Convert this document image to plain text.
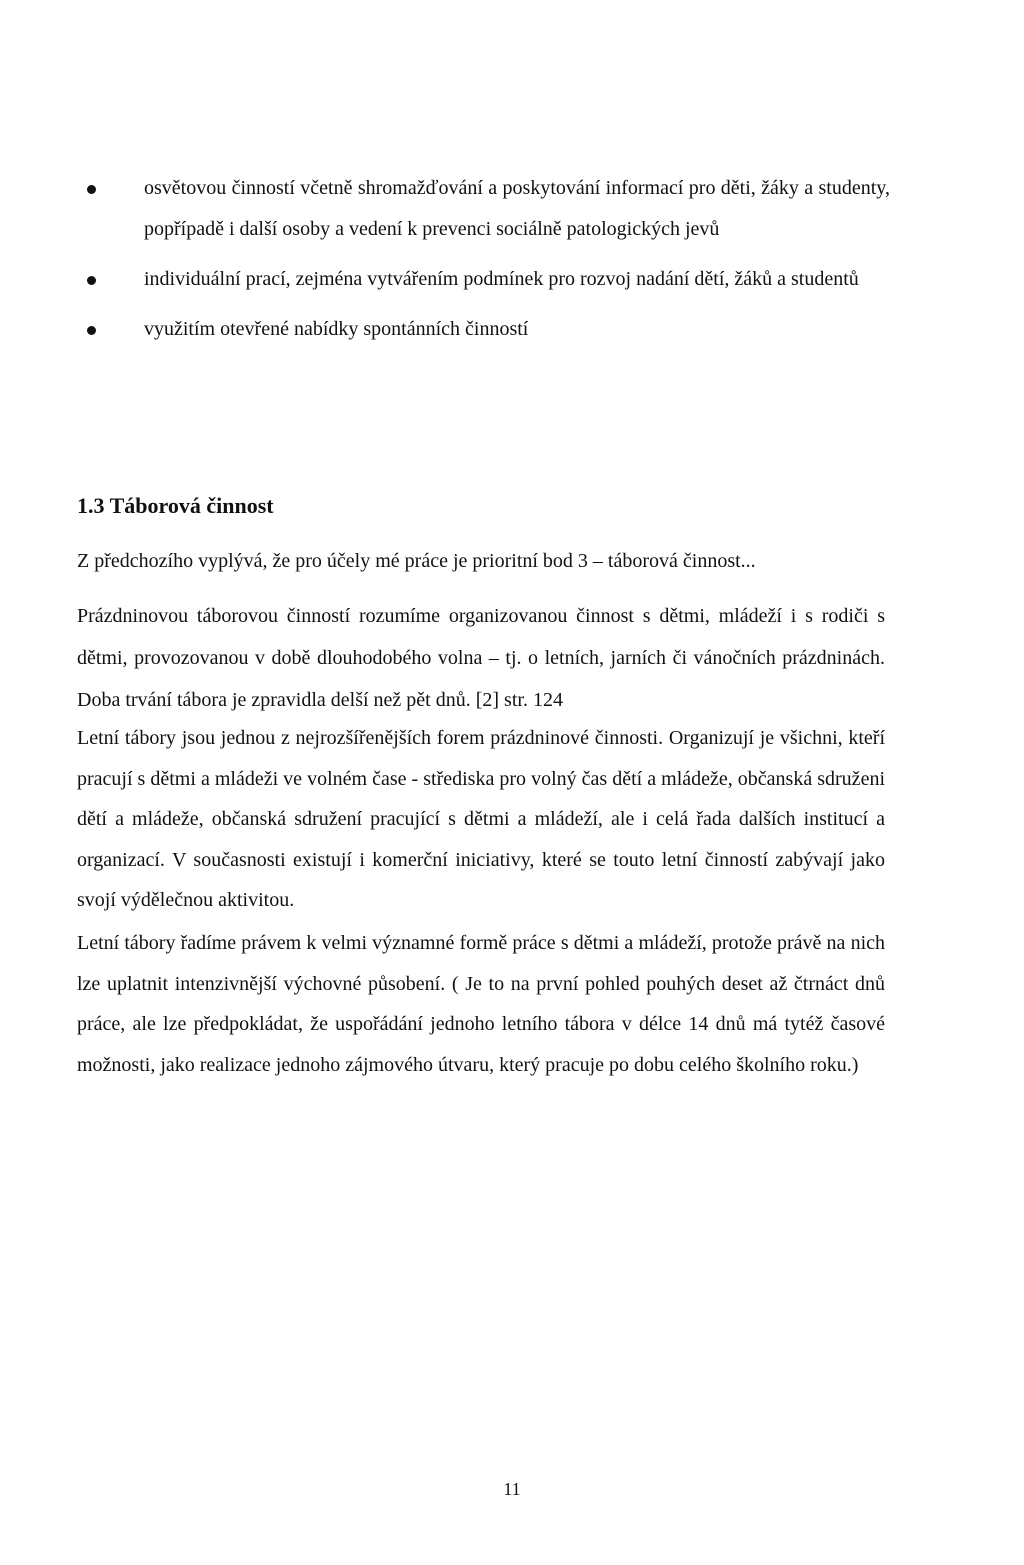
osvětovou činností včetně shromažďování a poskytování informací pro děti, žáky a studenty, popřípadě i další osoby a vedení k prevenci sociálně patologických jevů
individuální prací, zejména vytvářením podmínek pro rozvoj nadání dětí, žáků a studentů
využitím otevřené nabídky spontánních činností
1.3 Táborová činnost

Z předchozího vyplývá, že pro účely mé práce je prioritní bod 3 – táborová činnost...

Prázdninovou táborovou činností rozumíme organizovanou činnost s dětmi, mládeží i s rodiči s dětmi, provozovanou v době dlouhodobého volna – tj. o letních, jarních či vánočních prázdninách. Doba trvání tábora je zpravidla delší než pět dnů. [2] str. 124

Letní tábory jsou jednou z nejrozšířenějších forem prázdninové činnosti. Organizují je všichni, kteří pracují s dětmi a mládeži ve volném čase - střediska pro volný čas dětí a mládeže, občanská sdruženi dětí a mládeže, občanská sdružení pracující s dětmi a mládeží, ale i celá řada dalších institucí a organizací. V současnosti existují i komerční iniciativy, které se touto letní činností zabývají jako svojí výdělečnou aktivitou.

Letní tábory řadíme právem k velmi významné formě práce s dětmi a mládeží, protože právě na nich lze uplatnit intenzivnější výchovné působení. ( Je to na první pohled pouhých deset až čtrnáct dnů práce, ale lze předpokládat, že uspořádání jednoho letního tábora v délce 14 dnů má tytéž časové možnosti, jako realizace jednoho zájmového útvaru, který pracuje po dobu celého školního roku.)

11
